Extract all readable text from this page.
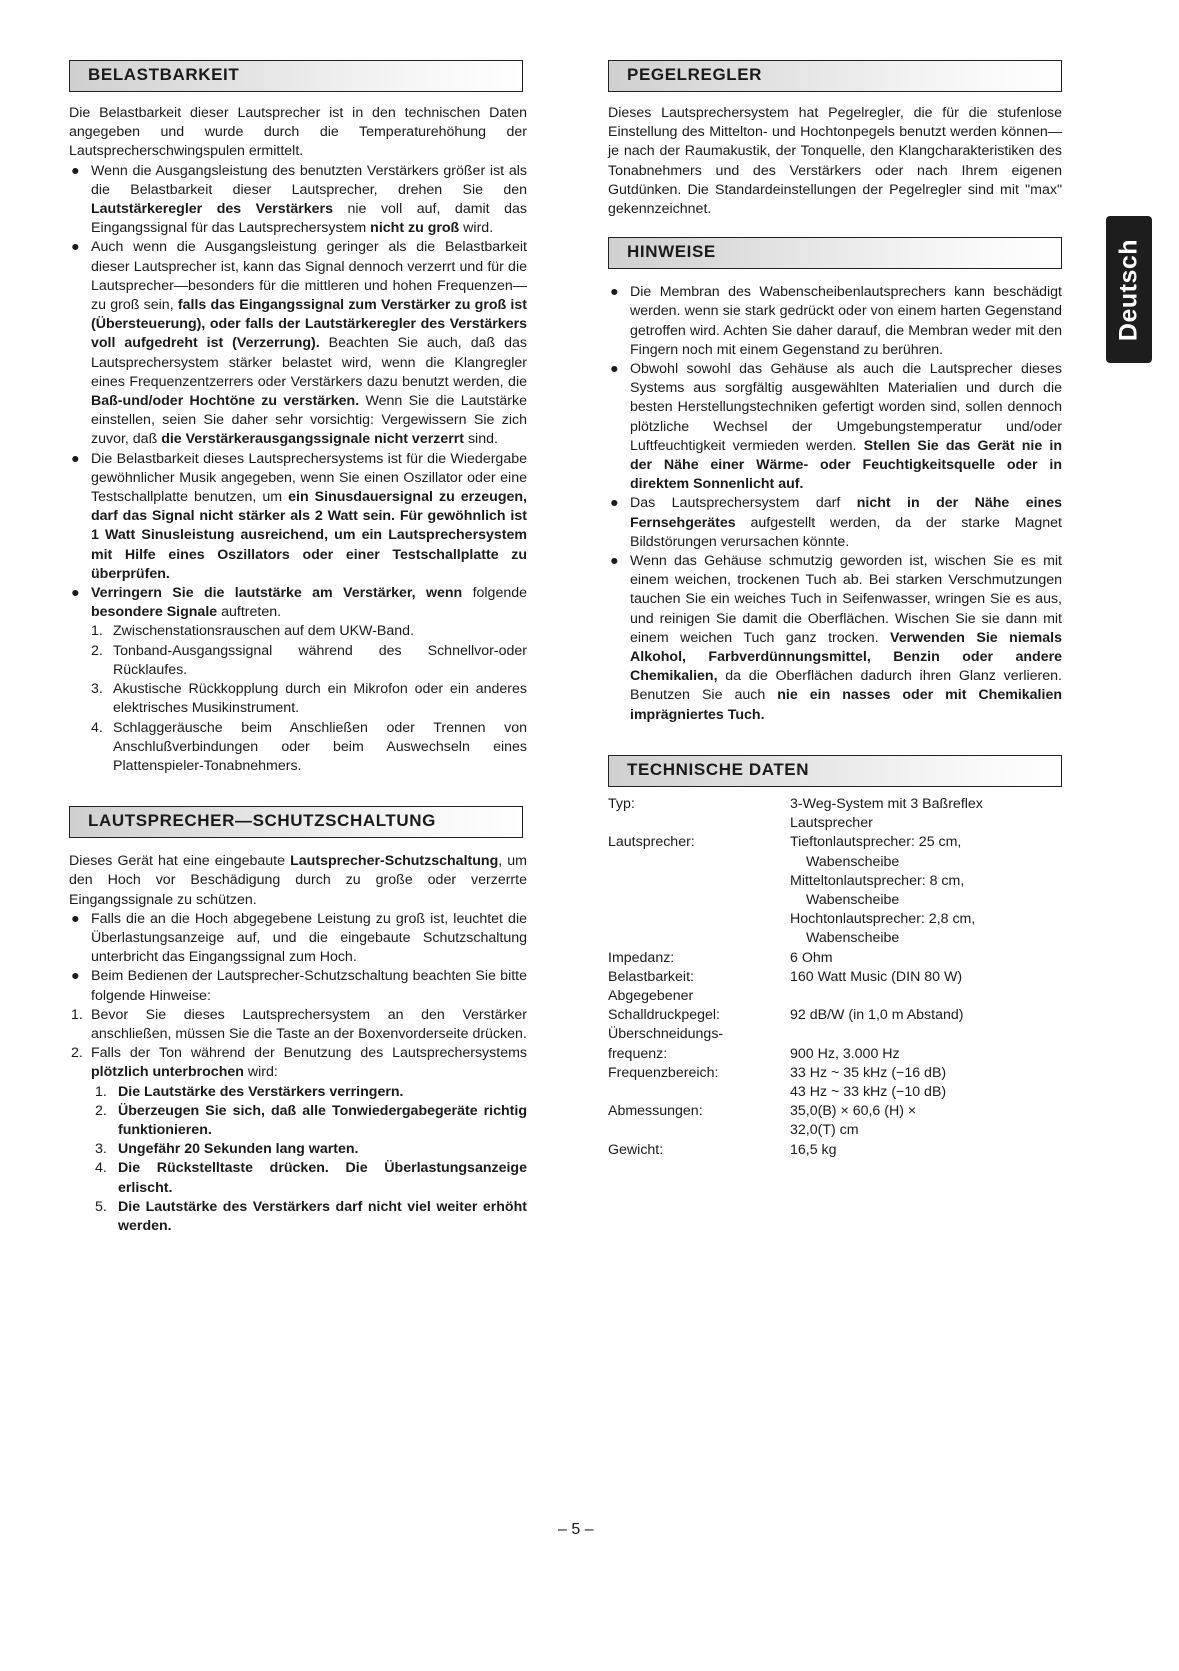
BELASTBARKEIT

Die Belastbarkeit dieser Lautsprecher ist in den technischen Daten angegeben und wurde durch die Temperaturehöhung der Lautsprecherschwingspulen ermittelt.

● Wenn die Ausgangsleistung des benutzten Verstärkers größer ist als die Belastbarkeit dieser Lautsprecher, drehen Sie den Lautstärkeregler des Verstärkers nie voll auf, damit das Eingangssignal für das Lautsprechersystem nicht zu groß wird.
● Auch wenn die Ausgangsleistung geringer als die Belastbarkeit dieser Lautsprecher ist, kann das Signal dennoch verzerrt und für die Lautsprecher—besonders für die mittleren und hohen Frequenzen—zu groß sein, falls das Eingangssignal zum Verstärker zu groß ist (Übersteuerung), oder falls der Lautstärkeregler des Verstärkers voll aufgedreht ist (Verzerrung). Beachten Sie auch, daß das Lautsprechersystem stärker belastet wird, wenn die Klangregler eines Frequenzentzerrers oder Verstärkers dazu benutzt werden, die Baß-und/oder Hochtöne zu verstärken. Wenn Sie die Lautstärke einstellen, seien Sie daher sehr vorsichtig: Vergewissern Sie zich zuvor, daß die Verstärkerausgangssignale nicht verzerrt sind.
● Die Belastbarkeit dieses Lautsprechersystems ist für die Wiedergabe gewöhnlicher Musik angegeben, wenn Sie einen Oszillator oder eine Testschallplatte benutzen, um ein Sinusdauersignal zu erzeugen, darf das Signal nicht stärker als 2 Watt sein. Für gewöhnlich ist 1 Watt Sinusleistung ausreichend, um ein Lautsprechersystem mit Hilfe eines Oszillators oder einer Testschallplatte zu überprüfen.
● Verringern Sie die lautstärke am Verstärker, wenn folgende besondere Signale auftreten.
1. Zwischenstationsrauschen auf dem UKW-Band.
2. Tonband-Ausgangssignal während des Schnellvor-oder Rücklaufes.
3. Akustische Rückkopplung durch ein Mikrofon oder ein anderes elektrisches Musikinstrument.
4. Schlaggeräusche beim Anschließen oder Trennen von Anschlußverbindungen oder beim Auswechseln eines Plattenspieler-Tonabnehmers.
LAUTSPRECHER—SCHUTZSCHALTUNG

Dieses Gerät hat eine eingebaute Lautsprecher-Schutzschaltung, um den Hoch vor Beschädigung durch zu große oder verzerrte Eingangssignale zu schützen.

● Falls die an die Hoch abgegebene Leistung zu groß ist, leuchtet die Überlastungsanzeige auf, und die eingebaute Schutzschaltung unterbricht das Eingangssignal zum Hoch.
● Beim Bedienen der Lautsprecher-Schutzschaltung beachten Sie bitte folgende Hinweise:
1. Bevor Sie dieses Lautsprechersystem an den Verstärker anschließen, müssen Sie die Taste an der Boxenvorderseite drücken.
2. Falls der Ton während der Benutzung des Lautsprechersystems plötzlich unterbrochen wird:
1. Die Lautstärke des Verstärkers verringern.
2. Überzeugen Sie sich, daß alle Tonwiedergabegeräte richtig funktionieren.
3. Ungefähr 20 Sekunden lang warten.
4. Die Rückstelltaste drücken. Die Überlastungsanzeige erlischt.
5. Die Lautstärke des Verstärkers darf nicht viel weiter erhöht werden.
PEGELREGLER

Dieses Lautsprechersystem hat Pegelregler, die für die stufenlose Einstellung des Mittelton- und Hochtonpegels benutzt werden können—je nach der Raumakustik, der Tonquelle, den Klangcharakteristiken des Tonabnehmers und des Verstärkers oder nach Ihrem eigenen Gutdünken. Die Standardeinstellungen der Pegelregler sind mit "max" gekennzeichnet.

HINWEISE
● Die Membran des Wabenscheibenlautsprechers kann beschädigt werden. wenn sie stark gedrückt oder von einem harten Gegenstand getroffen wird. Achten Sie daher darauf, die Membran weder mit den Fingern noch mit einem Gegenstand zu berühren.
● Obwohl sowohl das Gehäuse als auch die Lautsprecher dieses Systems aus sorgfältig ausgewählten Materialien und durch die besten Herstellungstechniken gefertigt worden sind, sollen dennoch plötzliche Wechsel der Umgebungstemperatur und/oder Luftfeuchtigkeit vermieden werden. Stellen Sie das Gerät nie in der Nähe einer Wärme- oder Feuchtigkeitsquelle oder in direktem Sonnenlicht auf.
● Das Lautsprechersystem darf nicht in der Nähe eines Fernsehgerätes aufgestellt werden, da der starke Magnet Bildstörungen verursachen könnte.
● Wenn das Gehäuse schmutzig geworden ist, wischen Sie es mit einem weichen, trockenen Tuch ab. Bei starken Verschmutzungen tauchen Sie ein weiches Tuch in Seifenwasser, wringen Sie es aus, und reinigen Sie damit die Oberflächen. Wischen Sie sie dann mit einem weichen Tuch ganz trocken. Verwenden Sie niemals Alkohol, Farbverdünnungsmittel, Benzin oder andere Chemikalien, da die Oberflächen dadurch ihren Glanz verlieren. Benutzen Sie auch nie ein nasses oder mit Chemikalien imprägniertes Tuch.
TECHNISCHE DATEN
Typ:	3-Weg-System mit 3 Baßreflex
Lautsprecher
Lautsprecher:	Tieftonlautsprecher: 25 cm,
Wabenscheibe
Mitteltonlautsprecher: 8 cm,
Wabenscheibe
Hochtonlautsprecher: 2,8 cm,
Wabenscheibe
Impedanz:	6 Ohm
Belastbarkeit:	160 Watt Music (DIN 80 W)
Abgegebener
Schalldruckpegel:	92 dB/W (in 1,0 m Abstand)
Überschneidungs-
frequenz:	900 Hz, 3.000 Hz
Frequenzbereich:	33 Hz ~ 35 kHz (−16 dB)
43 Hz ~ 33 kHz (−10 dB)
Abmessungen:	35,0(B) × 60,6 (H) ×
32,0(T) cm
Gewicht:	16,5 kg
Deutsch
– 5 –
